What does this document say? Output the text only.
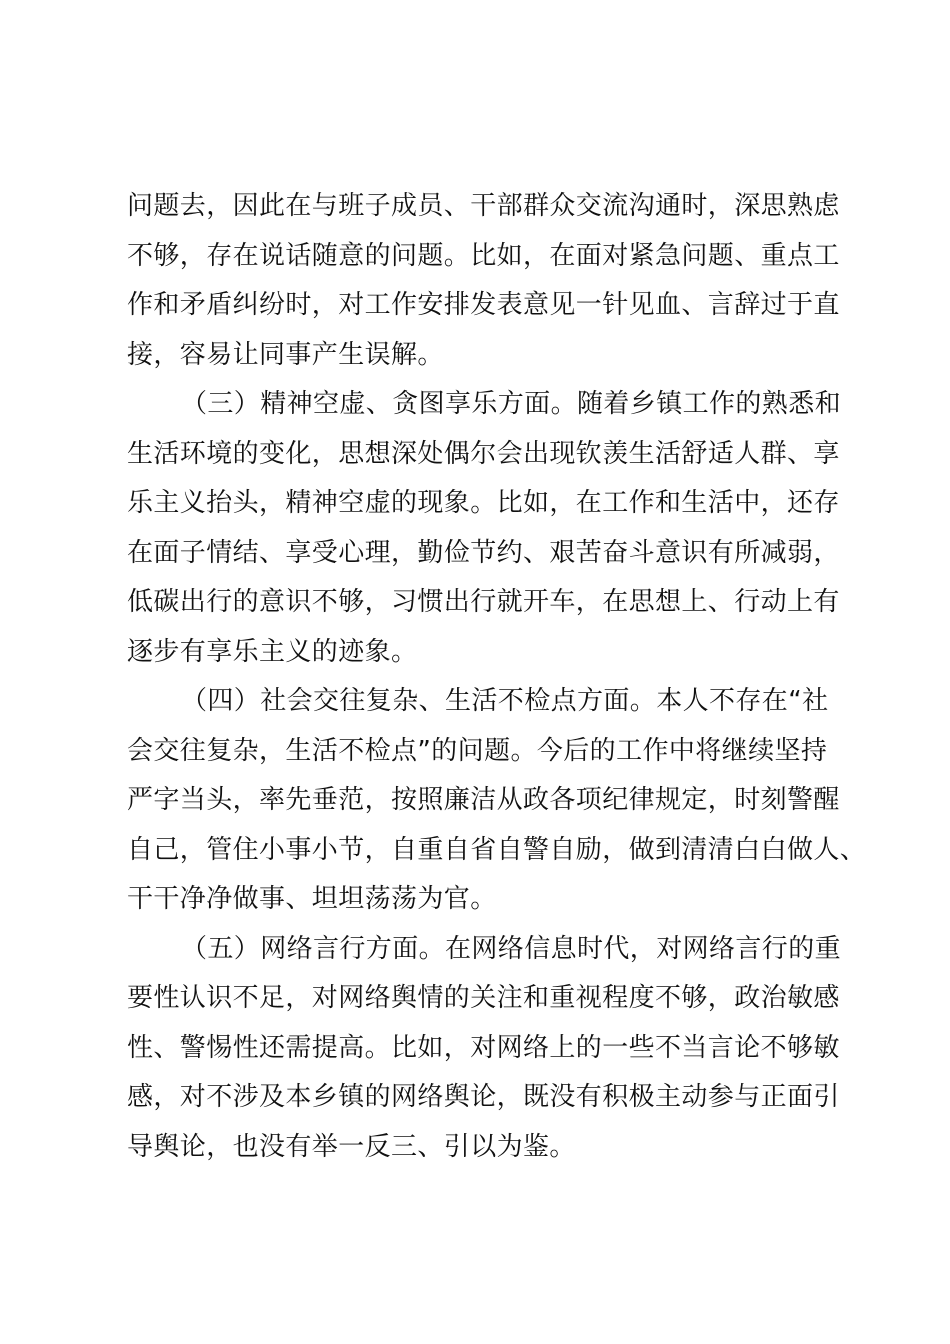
问题去，因此在与班子成员、干部群众交流沟通时，深思熟虑
不够，存在说话随意的问题。比如，在面对紧急问题、重点工
作和矛盾纠纷时，对工作安排发表意见一针见血、言辞过于直
接，容易让同事产生误解。
（三）精神空虚、贪图享乐方面。随着乡镇工作的熟悉和
生活环境的变化，思想深处偶尔会出现钦羡生活舒适人群、享
乐主义抬头，精神空虚的现象。比如，在工作和生活中，还存
在面子情结、享受心理，勤俭节约、艰苦奋斗意识有所减弱，
低碳出行的意识不够，习惯出行就开车，在思想上、行动上有
逐步有享乐主义的迹象。
（四）社会交往复杂、生活不检点方面。本人不存在“社
会交往复杂，生活不检点”的问题。今后的工作中将继续坚持
严字当头，率先垂范，按照廉洁从政各项纪律规定，时刻警醒
自己，管住小事小节，自重自省自警自励，做到清清白白做人、
干干净净做事、坦坦荡荡为官。
（五）网络言行方面。在网络信息时代，对网络言行的重
要性认识不足，对网络舆情的关注和重视程度不够，政治敏感
性、警惕性还需提高。比如，对网络上的一些不当言论不够敏
感，对不涉及本乡镇的网络舆论，既没有积极主动参与正面引
导舆论，也没有举一反三、引以为鉴。
